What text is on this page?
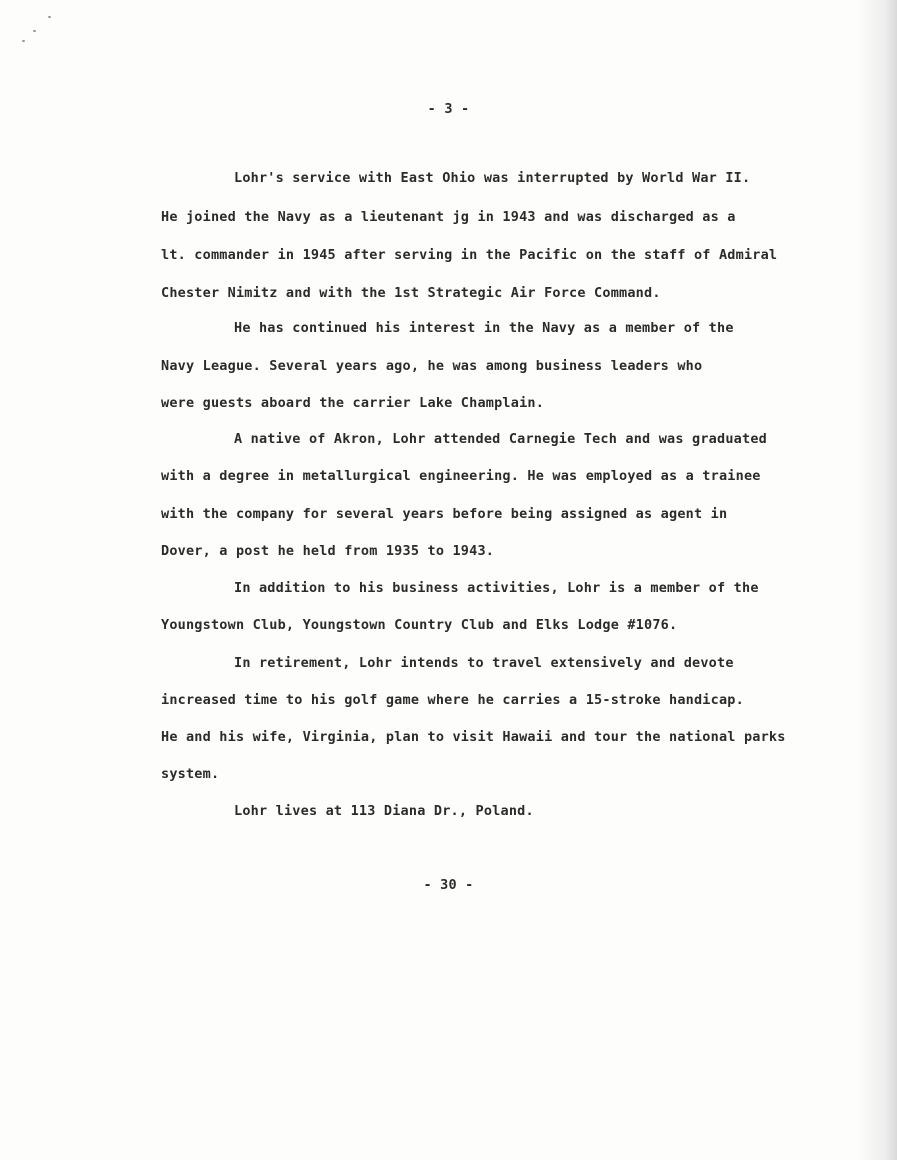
- 3 -
Lohr's service with East Ohio was interrupted by World War II.
He joined the Navy as a lieutenant jg in 1943 and was discharged as a
lt. commander in 1945 after serving in the Pacific on the staff of Admiral
Chester Nimitz and with the 1st Strategic Air Force Command.
He has continued his interest in the Navy as a member of the
Navy League. Several years ago, he was among business leaders who
were guests aboard the carrier Lake Champlain.
A native of Akron, Lohr attended Carnegie Tech and was graduated
with a degree in metallurgical engineering. He was employed as a trainee
with the company for several years before being assigned as agent in
Dover, a post he held from 1935 to 1943.
In addition to his business activities, Lohr is a member of the
Youngstown Club, Youngstown Country Club and Elks Lodge #1076.
In retirement, Lohr intends to travel extensively and devote
increased time to his golf game where he carries a 15-stroke handicap.
He and his wife, Virginia, plan to visit Hawaii and tour the national parks
system.
Lohr lives at 113 Diana Dr., Poland.
- 30 -
